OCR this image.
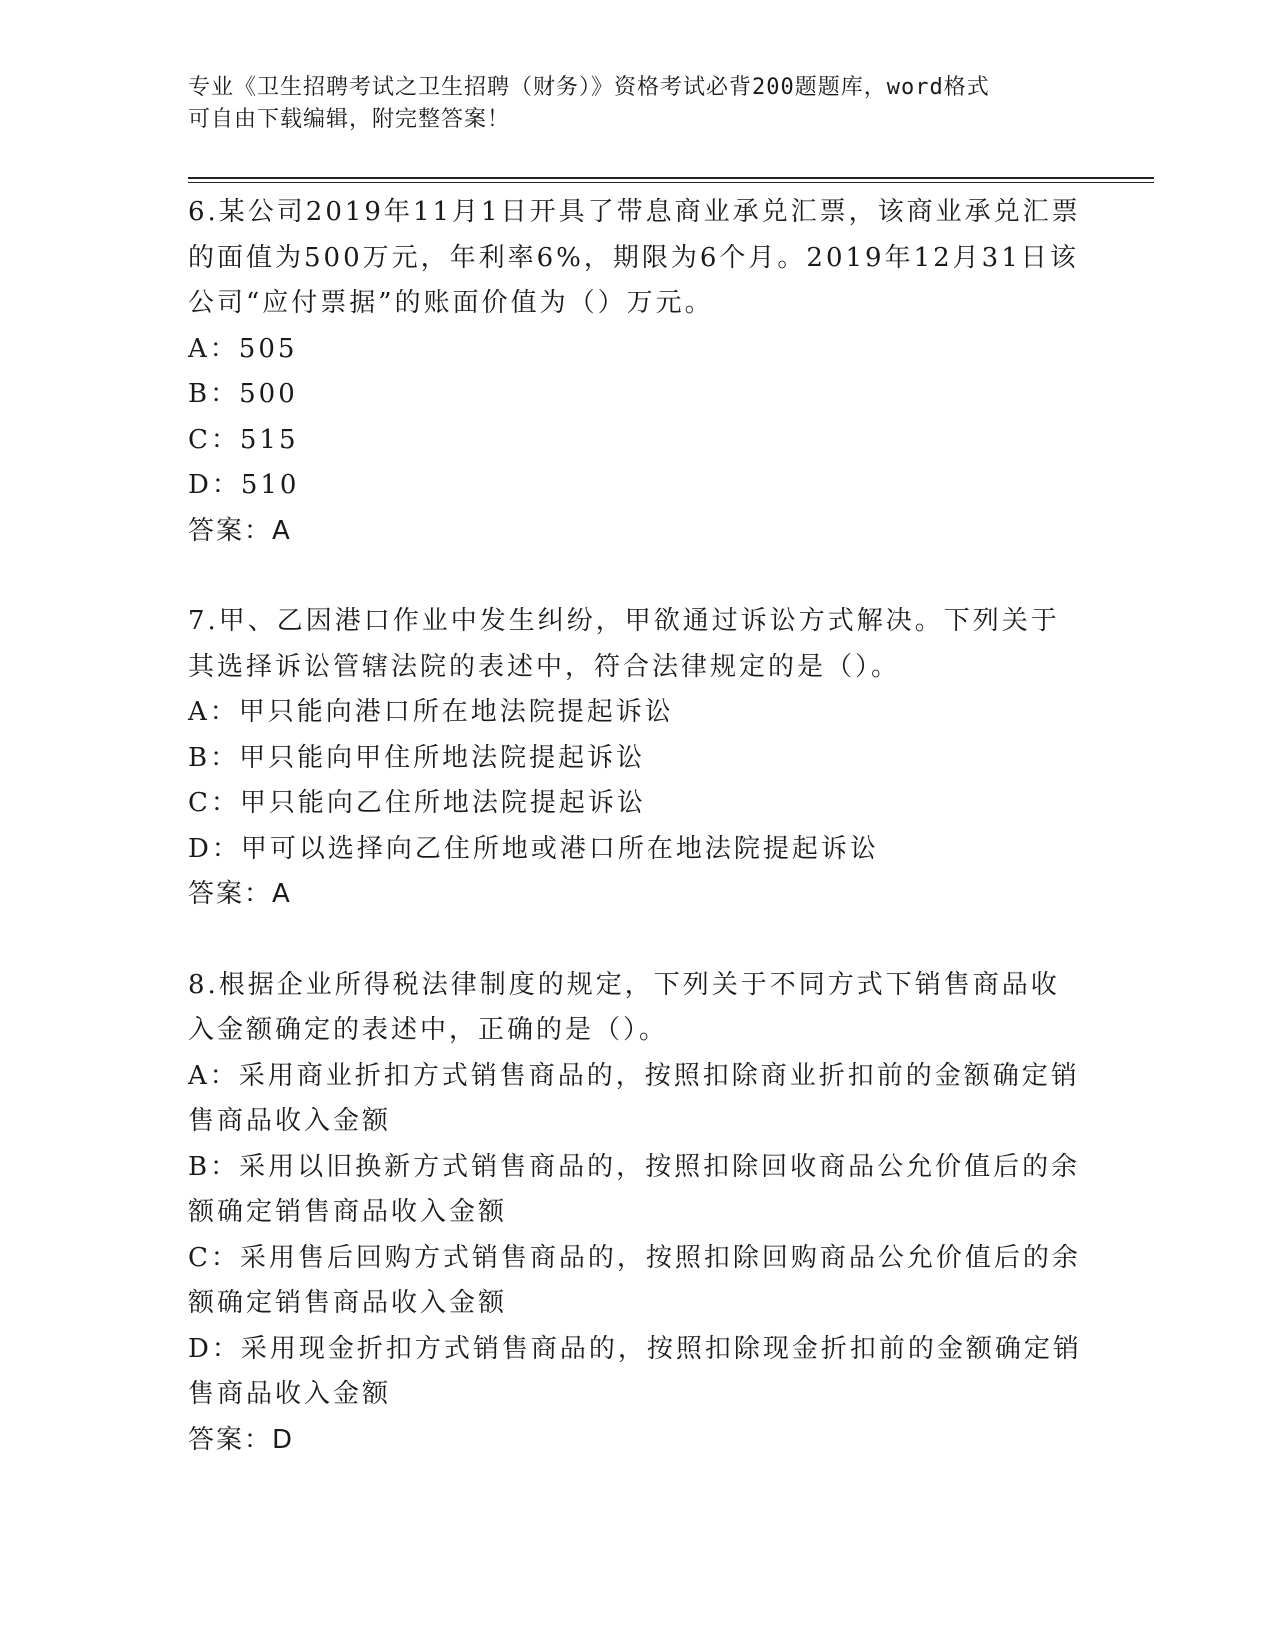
专业《卫生招聘考试之卫生招聘（财务）》资格考试必背200题题库，word格式
可自由下载编辑，附完整答案！

6.某公司2019年11月1日开具了带息商业承兑汇票，该商业承兑汇票的面值为500万元，年利率6%，期限为6个月。2019年12月31日该公司“应付票据”的账面价值为（）万元。

A：505

B：500

C：515

D：510

答案：A

7.甲、乙因港口作业中发生纠纷，甲欲通过诉讼方式解决。下列关于其选择诉讼管辖法院的表述中，符合法律规定的是（）。

A：甲只能向港口所在地法院提起诉讼

B：甲只能向甲住所地法院提起诉讼

C：甲只能向乙住所地法院提起诉讼

D：甲可以选择向乙住所地或港口所在地法院提起诉讼

答案：A

8.根据企业所得税法律制度的规定，下列关于不同方式下销售商品收入金额确定的表述中，正确的是（）。

A：采用商业折扣方式销售商品的，按照扣除商业折扣前的金额确定销售商品收入金额

B：采用以旧换新方式销售商品的，按照扣除回收商品公允价值后的余额确定销售商品收入金额

C：采用售后回购方式销售商品的，按照扣除回购商品公允价值后的余额确定销售商品收入金额

D：采用现金折扣方式销售商品的，按照扣除现金折扣前的金额确定销售商品收入金额

答案：D
